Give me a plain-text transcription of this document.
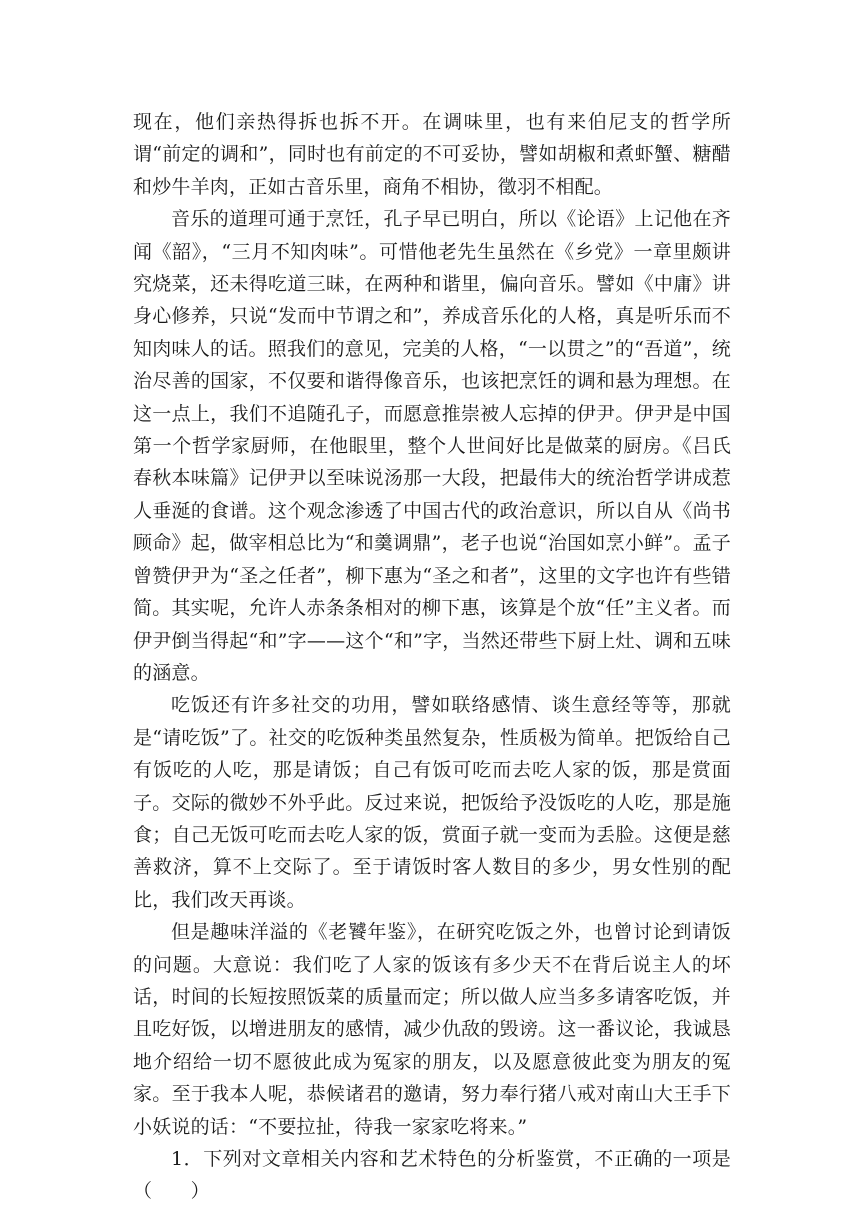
现在，他们亲热得拆也拆不开。在调味里，也有来伯尼支的哲学所谓“前定的调和”，同时也有前定的不可妥协，譬如胡椒和煮虾蟹、糖醋和炒牛羊肉，正如古音乐里，商角不相协，徵羽不相配。

音乐的道理可通于烹饪，孔子早已明白，所以《论语》上记他在齐闻《韶》，“三月不知肉味”。可惜他老先生虽然在《乡党》一章里颇讲究烧菜，还未得吃道三昧，在两种和谐里，偏向音乐。譬如《中庸》讲身心修养，只说“发而中节谓之和”，养成音乐化的人格，真是听乐而不知肉味人的话。照我们的意见，完美的人格，“一以贯之”的“吾道”，统治尽善的国家，不仅要和谐得像音乐，也该把烹饪的调和悬为理想。在这一点上，我们不追随孔子，而愿意推崇被人忘掉的伊尹。伊尹是中国第一个哲学家厨师，在他眼里，整个人世间好比是做菜的厨房。《吕氏春秋本味篇》记伊尹以至味说汤那一大段，把最伟大的统治哲学讲成惹人垂涎的食谱。这个观念渗透了中国古代的政治意识，所以自从《尚书顾命》起，做宰相总比为“和羹调鼎”，老子也说“治国如烹小鲜”。孟子曾赞伊尹为“圣之任者”，柳下惠为“圣之和者”，这里的文字也许有些错简。其实呢，允许人赤条条相对的柳下惠，该算是个放“任”主义者。而伊尹倒当得起“和”字——这个“和”字，当然还带些下厨上灶、调和五味的涵意。

吃饭还有许多社交的功用，譬如联络感情、谈生意经等等，那就是“请吃饭”了。社交的吃饭种类虽然复杂，性质极为简单。把饭给自己有饭吃的人吃，那是请饭；自己有饭可吃而去吃人家的饭，那是赏面子。交际的微妙不外乎此。反过来说，把饭给予没饭吃的人吃，那是施食；自己无饭可吃而去吃人家的饭，赏面子就一变而为丢脸。这便是慈善救济，算不上交际了。至于请饭时客人数目的多少，男女性别的配比，我们改天再谈。

但是趣味洋溢的《老饕年鉴》，在研究吃饭之外，也曾讨论到请饭的问题。大意说：我们吃了人家的饭该有多少天不在背后说主人的坏话，时间的长短按照饭菜的质量而定；所以做人应当多多请客吃饭，并且吃好饭，以增进朋友的感情，减少仇敌的毁谤。这一番议论，我诚恳地介绍给一切不愿彼此成为冤家的朋友，以及愿意彼此变为朋友的冤家。至于我本人呢，恭候诸君的邀请，努力奉行猪八戒对南山大王手下小妖说的话：“不要拉扯，待我一家家吃将来。”

1．下列对文章相关内容和艺术特色的分析鉴赏，不正确的一项是（　　）
